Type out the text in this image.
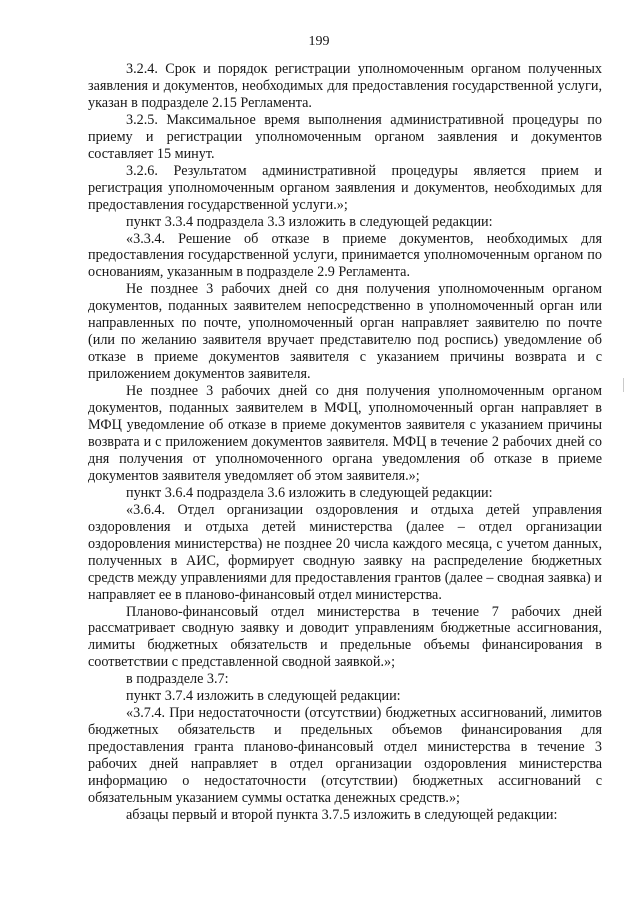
199

3.2.4. Срок и порядок регистрации уполномоченным органом полученных заявления и документов, необходимых для предоставления государственной услуги, указан в подразделе 2.15 Регламента.

3.2.5. Максимальное время выполнения административной процедуры по приему и регистрации уполномоченным органом заявления и документов составляет 15 минут.

3.2.6. Результатом административной процедуры является прием и регистрация уполномоченным органом заявления и документов, необходимых для предоставления государственной услуги.»;

пункт 3.3.4 подраздела 3.3 изложить в следующей редакции:

«3.3.4. Решение об отказе в приеме документов, необходимых для предоставления государственной услуги, принимается уполномоченным органом по основаниям, указанным в подразделе 2.9 Регламента.

Не позднее 3 рабочих дней со дня получения уполномоченным органом документов, поданных заявителем непосредственно в уполномоченный орган или направленных по почте, уполномоченный орган направляет заявителю по почте (или по желанию заявителя вручает представителю под роспись) уведомление об отказе в приеме документов заявителя с указанием причины возврата и с приложением документов заявителя.

Не позднее 3 рабочих дней со дня получения уполномоченным органом документов, поданных заявителем в МФЦ, уполномоченный орган направляет в МФЦ уведомление об отказе в приеме документов заявителя с указанием причины возврата и с приложением документов заявителя. МФЦ в течение 2 рабочих дней со дня получения от уполномоченного органа уведомления об отказе в приеме документов заявителя уведомляет об этом заявителя.»;

пункт 3.6.4 подраздела 3.6 изложить в следующей редакции:

«3.6.4. Отдел организации оздоровления и отдыха детей управления оздоровления и отдыха детей министерства (далее – отдел организации оздоровления министерства) не позднее 20 числа каждого месяца, с учетом данных, полученных в АИС, формирует сводную заявку на распределение бюджетных средств между управлениями для предоставления грантов (далее – сводная заявка) и направляет ее в планово-финансовый отдел министерства.

Планово-финансовый отдел министерства в течение 7 рабочих дней рассматривает сводную заявку и доводит управлениям бюджетные ассигнования, лимиты бюджетных обязательств и предельные объемы финансирования в соответствии с представленной сводной заявкой.»;

в подразделе 3.7:

пункт 3.7.4 изложить в следующей редакции:

«3.7.4. При недостаточности (отсутствии) бюджетных ассигнований, лимитов бюджетных обязательств и предельных объемов финансирования для предоставления гранта планово-финансовый отдел министерства в течение 3 рабочих дней направляет в отдел организации оздоровления министерства информацию о недостаточности (отсутствии) бюджетных ассигнований с обязательным указанием суммы остатка денежных средств.»;

абзацы первый и второй пункта 3.7.5 изложить в следующей редакции:
